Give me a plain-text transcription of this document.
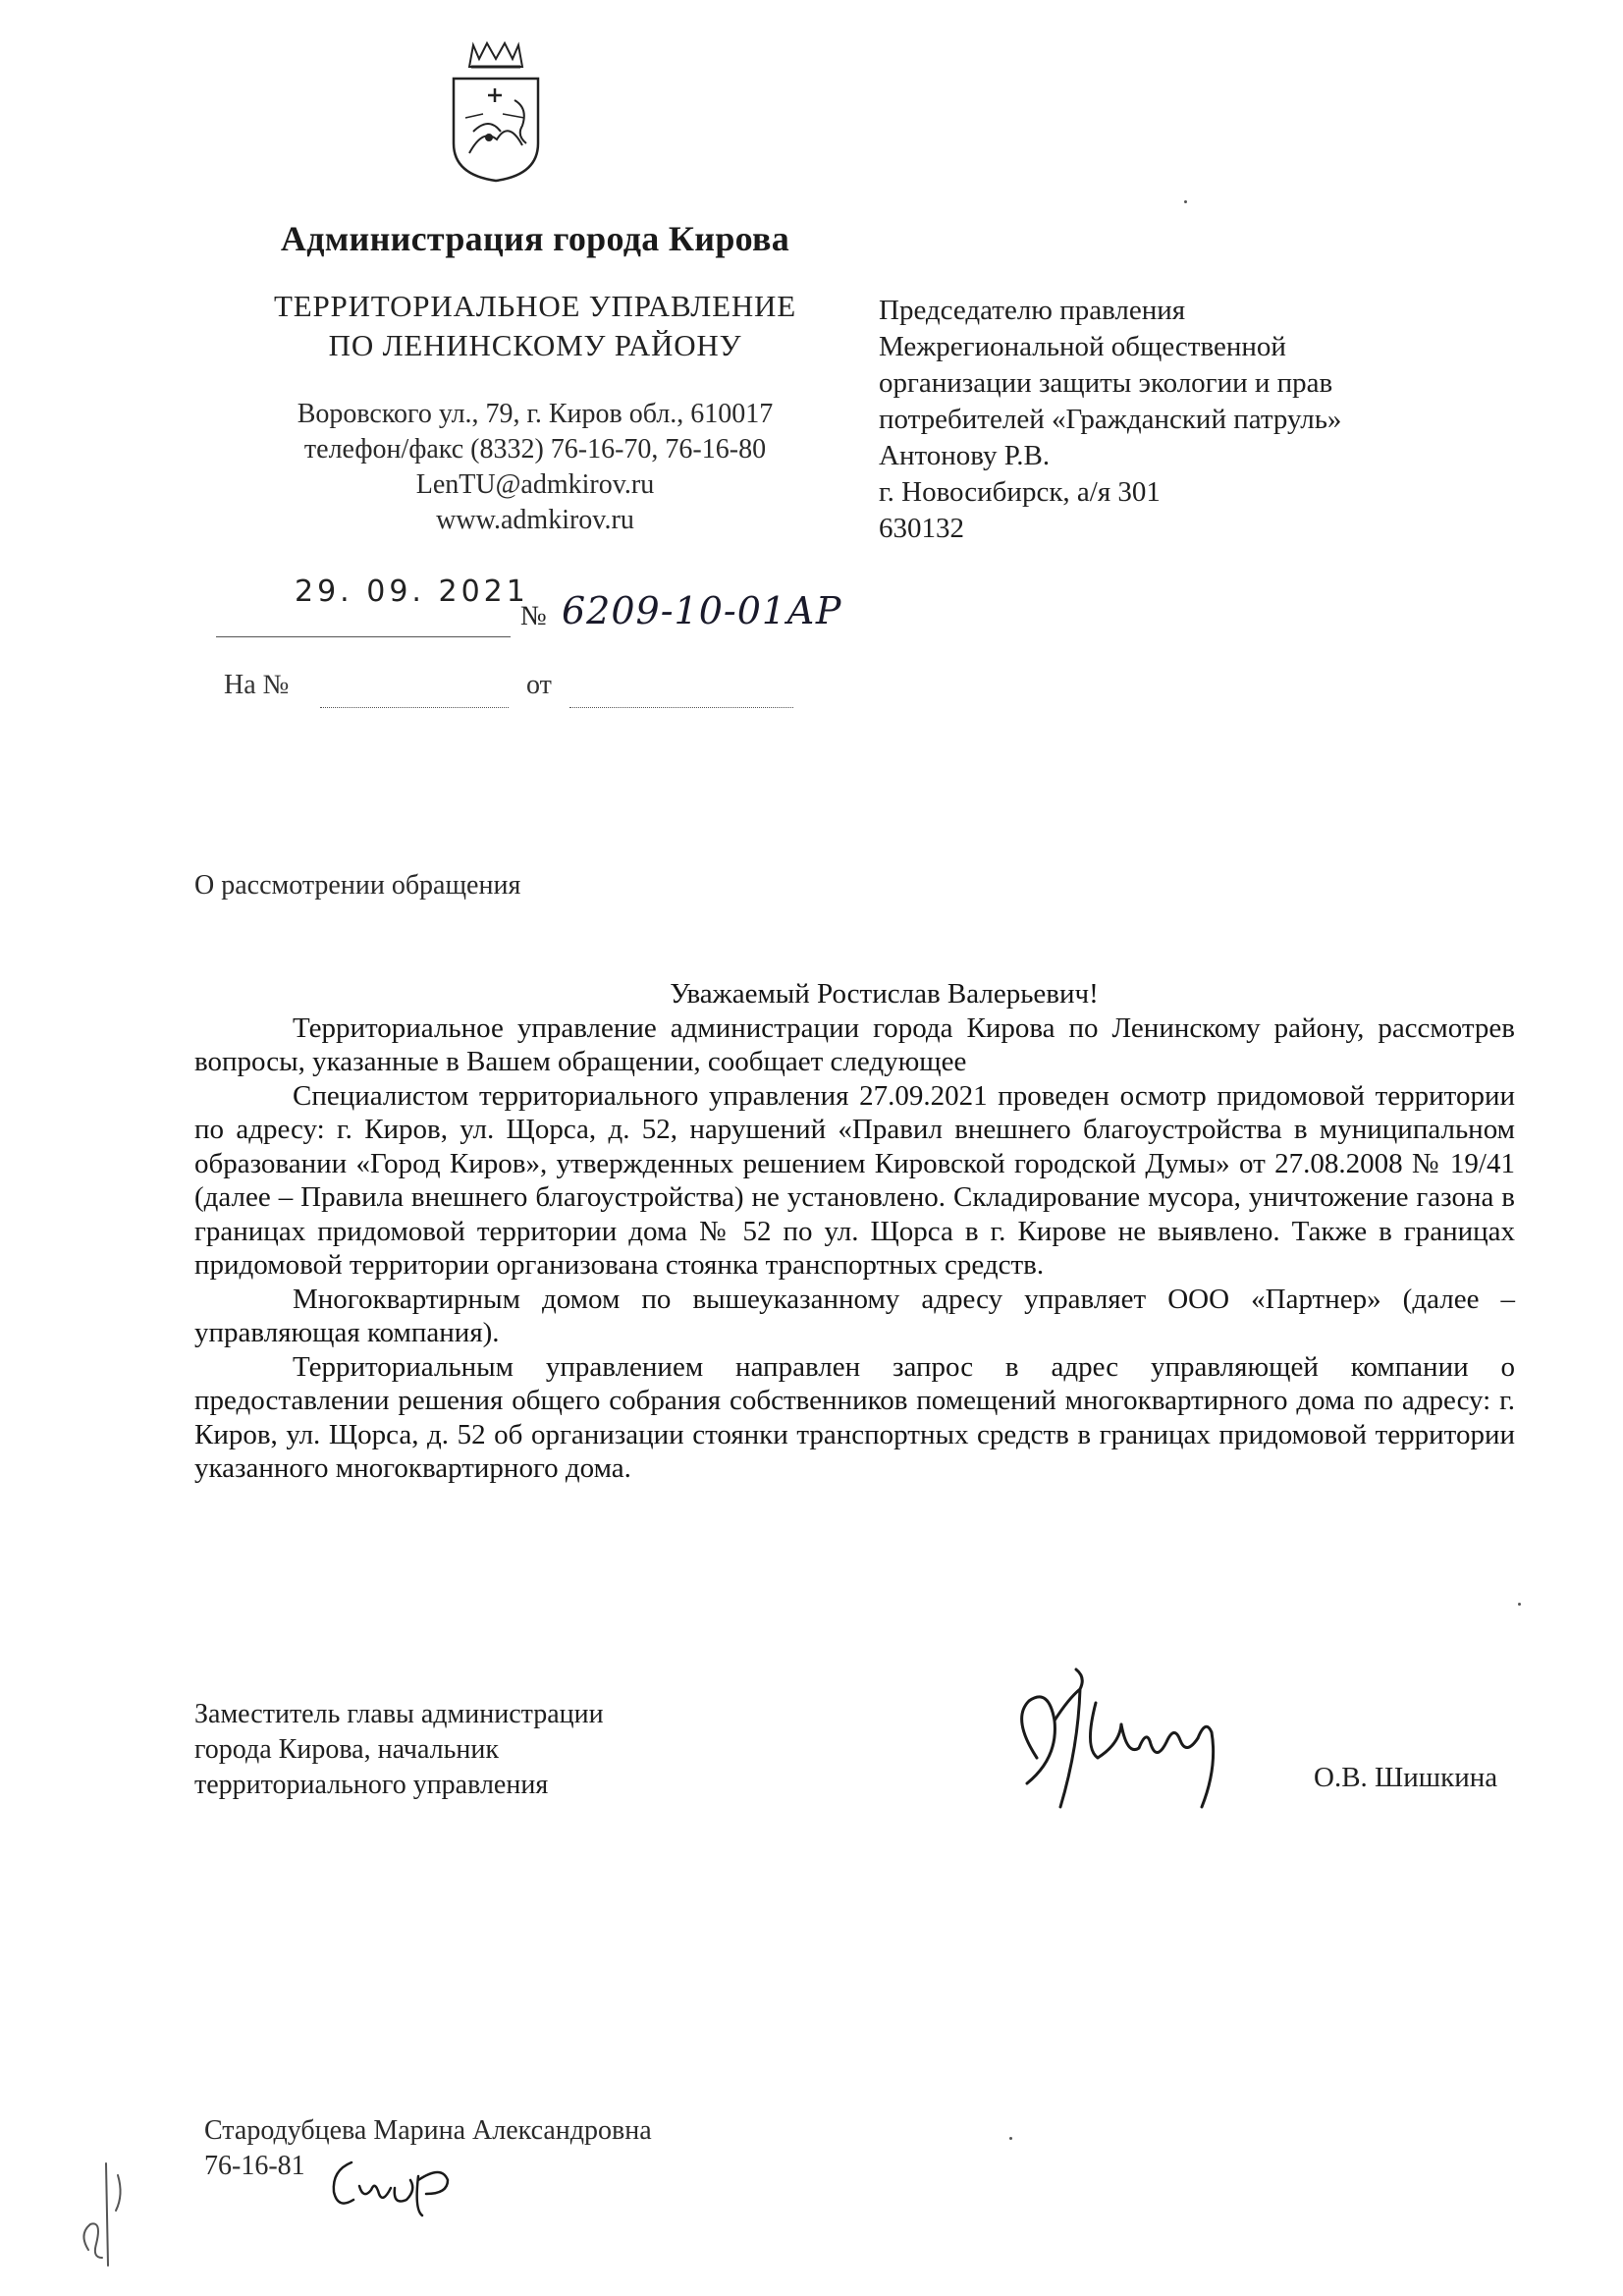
Администрация города Кирова
ТЕРРИТОРИАЛЬНОЕ УПРАВЛЕНИЕ
ПО ЛЕНИНСКОМУ РАЙОНУ
Воровского ул., 79, г. Киров обл., 610017
телефон/факс (8332) 76-16-70, 76-16-80
LenTU@admkirov.ru
www.admkirov.ru
29. 09. 2021
№ 6209-10-01АР
На №	от
Председателю правления
Межрегиональной общественной
организации защиты экологии и прав
потребителей «Гражданский патруль»
Антонову Р.В.
г. Новосибирск, а/я 301
630132
О рассмотрении обращения

Уважаемый Ростислав Валерьевич!

Территориальное управление администрации города Кирова по Ленинскому району, рассмотрев вопросы, указанные в Вашем обращении, сообщает следующее

Специалистом территориального управления 27.09.2021 проведен осмотр придомовой территории по адресу: г. Киров, ул. Щорса, д. 52, нарушений «Правил внешнего благоустройства в муниципальном образовании «Город Киров», утвержденных решением Кировской городской Думы» от 27.08.2008 № 19/41 (далее – Правила внешнего благоустройства) не установлено. Складирование мусора, уничтожение газона в границах придомовой территории дома № 52 по ул. Щорса в г. Кирове не выявлено. Также в границах придомовой территории организована стоянка транспортных средств.

Многоквартирным домом по вышеуказанному адресу управляет ООО «Партнер» (далее – управляющая компания).

Территориальным управлением направлен запрос в адрес управляющей компании о предоставлении решения общего собрания собственников помещений многоквартирного дома по адресу: г. Киров, ул. Щорса, д. 52 об организации стоянки транспортных средств в границах придомовой территории указанного многоквартирного дома.

Заместитель главы администрации
города Кирова, начальник
территориального управления	О.В. Шишкина
Стародубцева Марина Александровна
76-16-81
